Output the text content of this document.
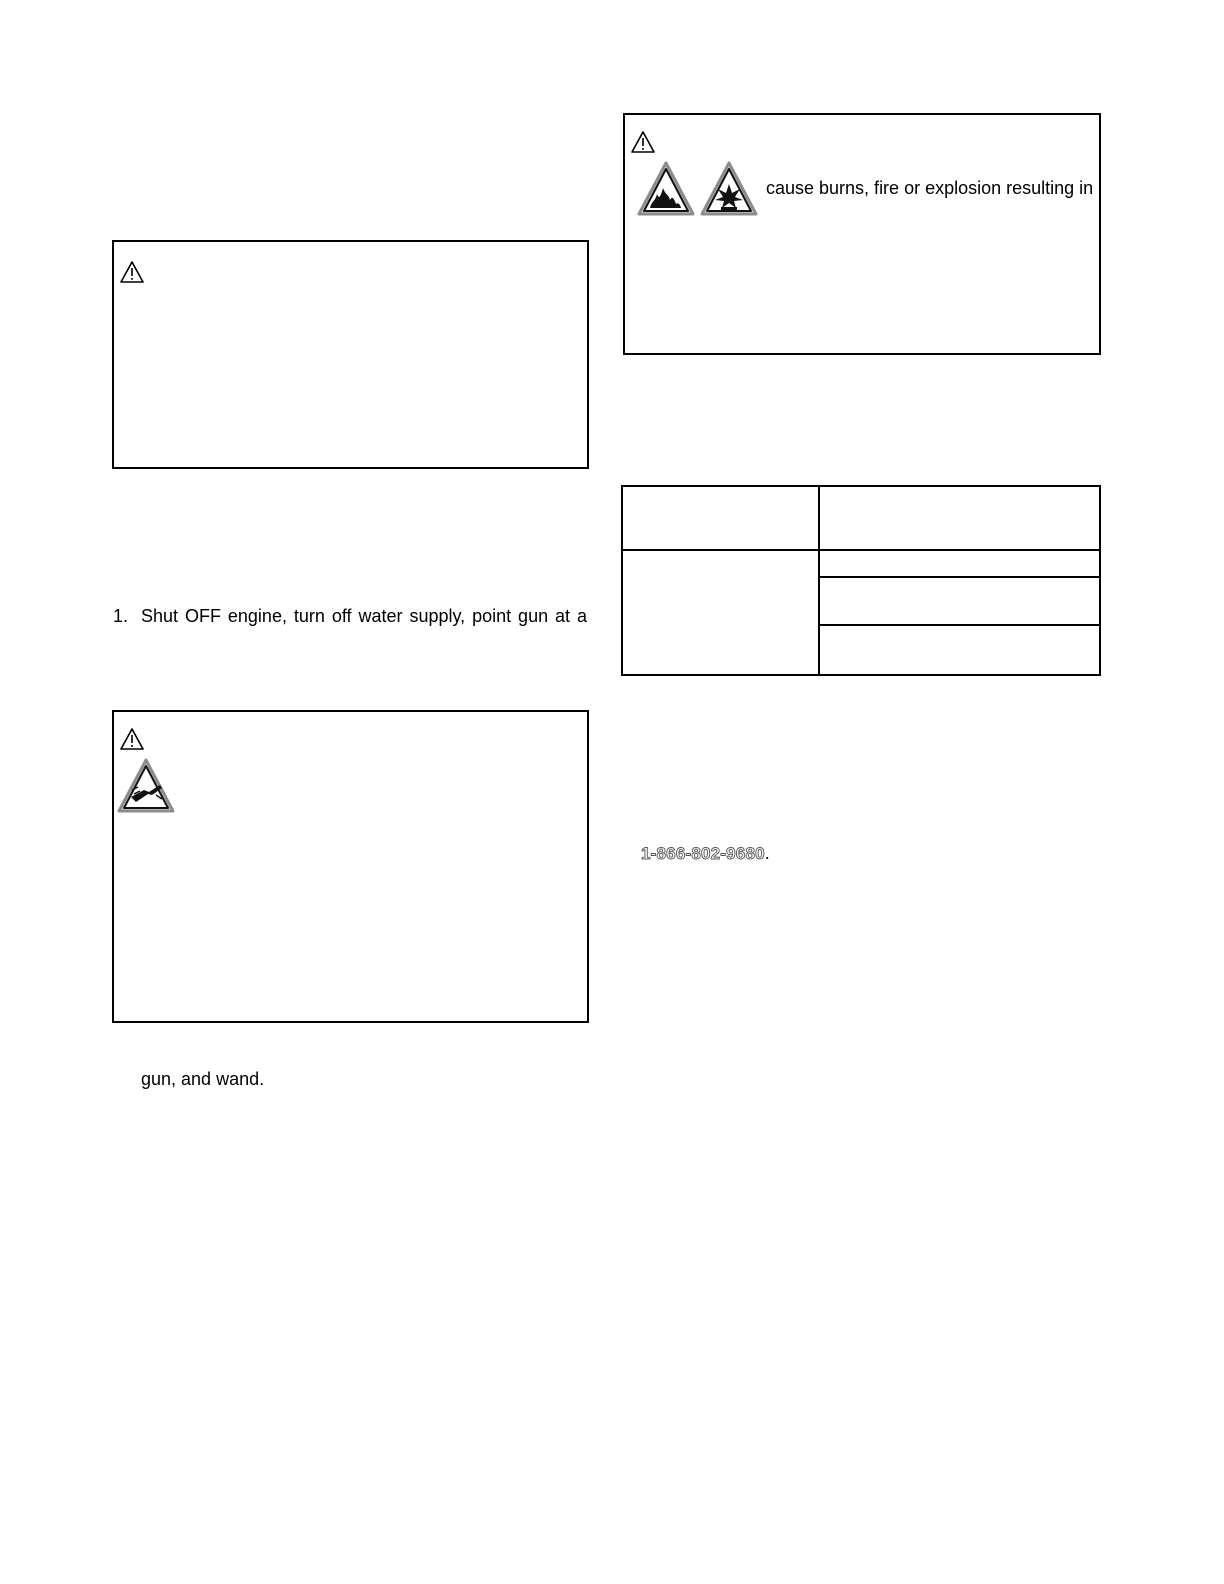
1. Shut OFF engine, turn off water supply, point gun at a
gun, and wand.
cause burns, fire or explosion resulting in

1-866-802-9680.
